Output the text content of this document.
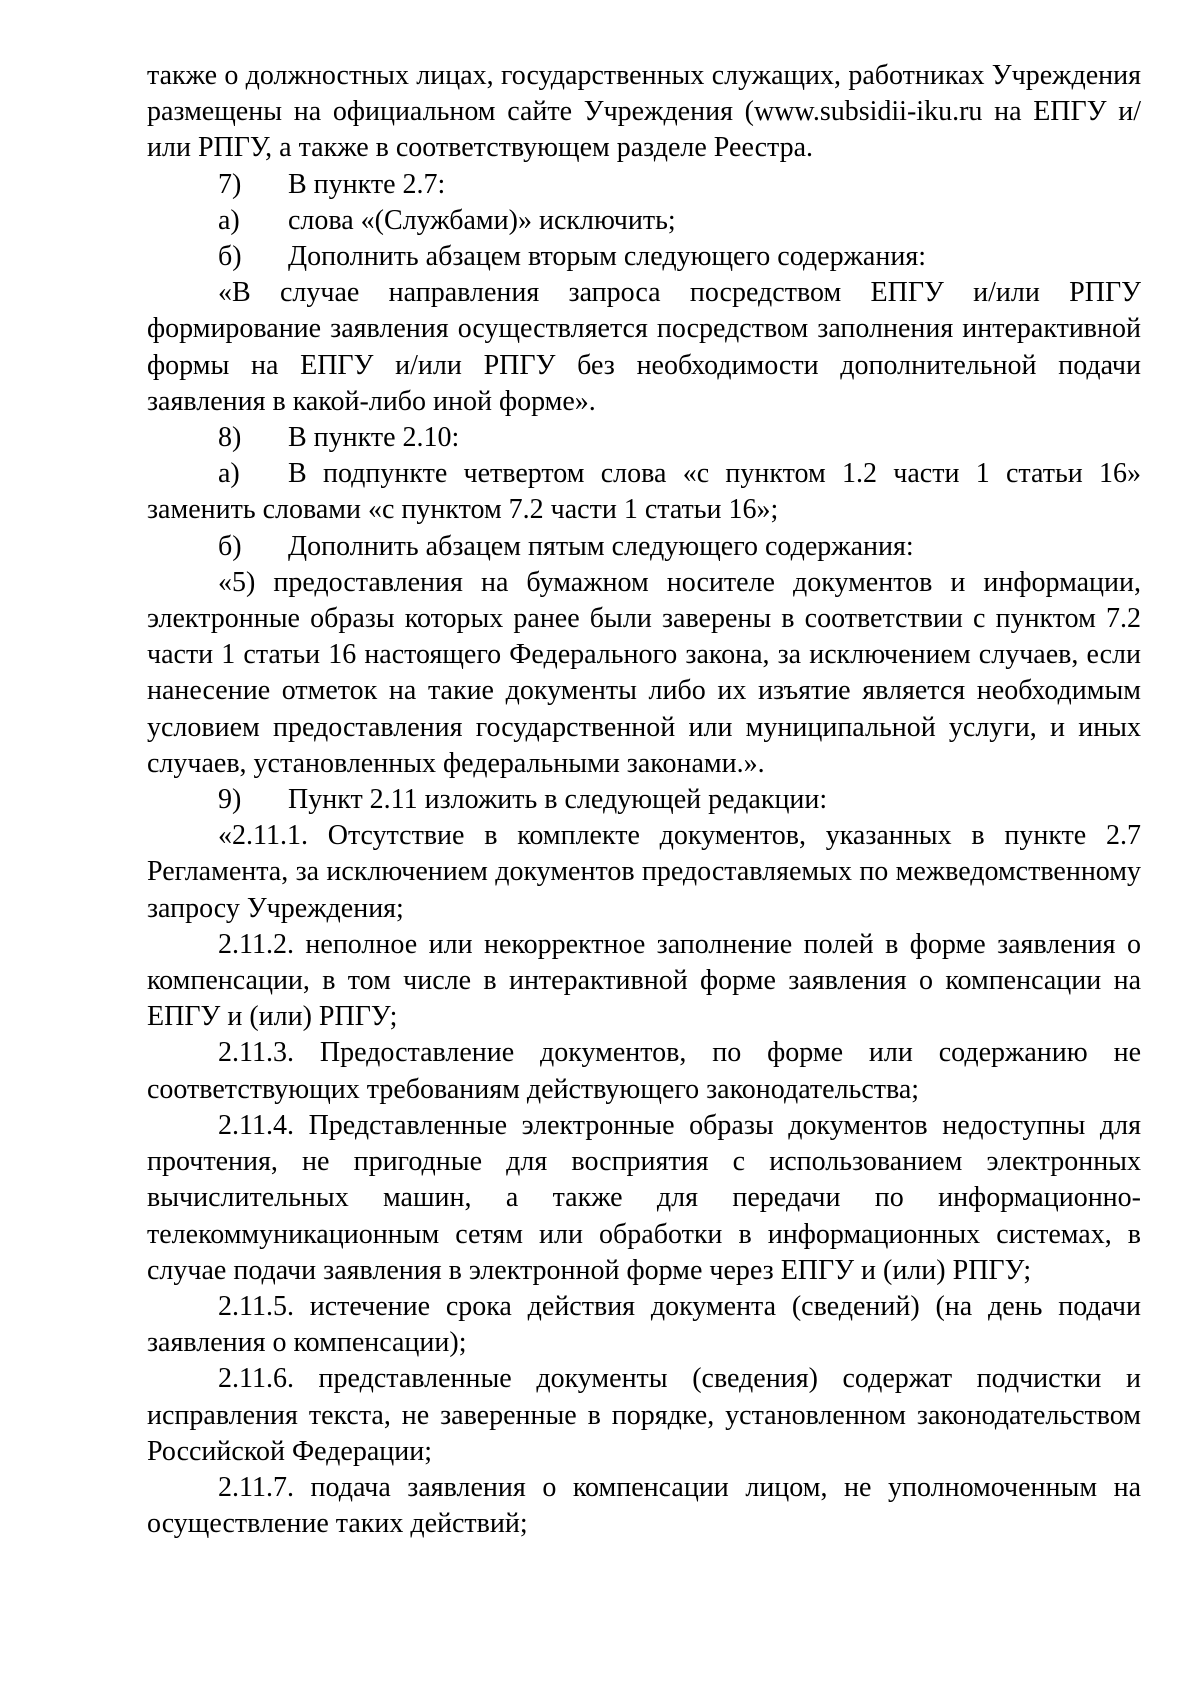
также о должностных лицах, государственных служащих, работниках Учреждения размещены на официальном сайте Учреждения (www.subsidii-iku.ru на ЕПГУ и/или РПГУ, а также в соответствующем разделе Реестра.

7) В пункте 2.7:

а) слова «(Службами)» исключить;

б) Дополнить абзацем вторым следующего содержания:

«В случае направления запроса посредством ЕПГУ и/или РПГУ формирование заявления осуществляется посредством заполнения интерактивной формы на ЕПГУ и/или РПГУ без необходимости дополнительной подачи заявления в какой-либо иной форме».

8) В пункте 2.10:

а) В подпункте четвертом слова «с пунктом 1.2 части 1 статьи 16» заменить словами «с пунктом 7.2 части 1 статьи 16»;

б) Дополнить абзацем пятым следующего содержания:

«5) предоставления на бумажном носителе документов и информации, электронные образы которых ранее были заверены в соответствии с пунктом 7.2 части 1 статьи 16 настоящего Федерального закона, за исключением случаев, если нанесение отметок на такие документы либо их изъятие является необходимым условием предоставления государственной или муниципальной услуги, и иных случаев, установленных федеральными законами.».

9) Пункт 2.11 изложить в следующей редакции:

«2.11.1. Отсутствие в комплекте документов, указанных в пункте 2.7 Регламента, за исключением документов предоставляемых по межведомственному запросу Учреждения;

2.11.2. неполное или некорректное заполнение полей в форме заявления о компенсации, в том числе в интерактивной форме заявления о компенсации на ЕПГУ и (или) РПГУ;

2.11.3. Предоставление документов, по форме или содержанию не соответствующих требованиям действующего законодательства;

2.11.4. Представленные электронные образы документов недоступны для прочтения, не пригодные для восприятия с использованием электронных вычислительных машин, а также для передачи по информационно-телекоммуникационным сетям или обработки в информационных системах, в случае подачи заявления в электронной форме через ЕПГУ и (или) РПГУ;

2.11.5. истечение срока действия документа (сведений) (на день подачи заявления о компенсации);

2.11.6. представленные документы (сведения) содержат подчистки и исправления текста, не заверенные в порядке, установленном законодательством Российской Федерации;

2.11.7. подача заявления о компенсации лицом, не уполномоченным на осуществление таких действий;
